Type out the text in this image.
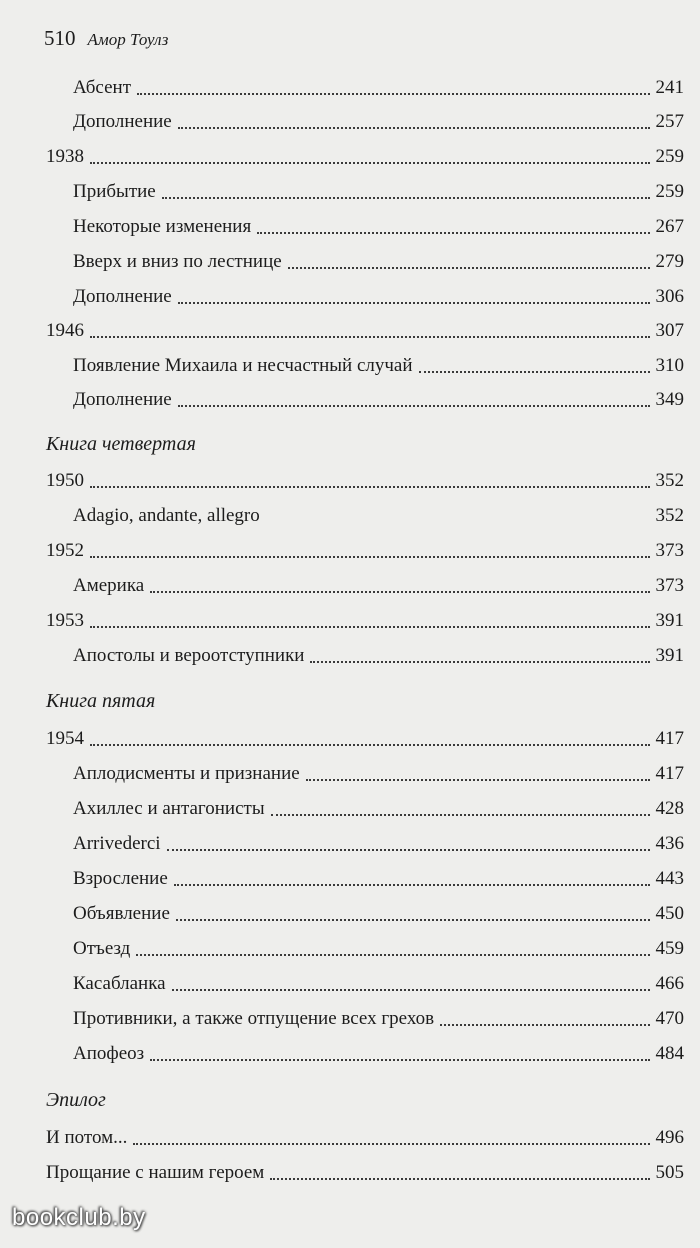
510 Амор Тоулз
Абсент	241
Дополнение	257
1938	259
Прибытие	259
Некоторые изменения	267
Вверх и вниз по лестнице	279
Дополнение	306
1946	307
Появление Михаила и несчастный случай	310
Дополнение	349
Книга четвертая
1950	352
Adagio, andante, allegro	352
1952	373
Америка	373
1953	391
Апостолы и вероотступники	391
Книга пятая
1954	417
Аплодисменты и признание	417
Ахиллес и антагонисты	428
Arrivederci	436
Взросление	443
Объявление	450
Отъезд	459
Касабланка	466
Противники, а также отпущение всех грехов	470
Апофеоз	484
Эпилог
И потом...	496
Прощание с нашим героем	505
bookclub.by
